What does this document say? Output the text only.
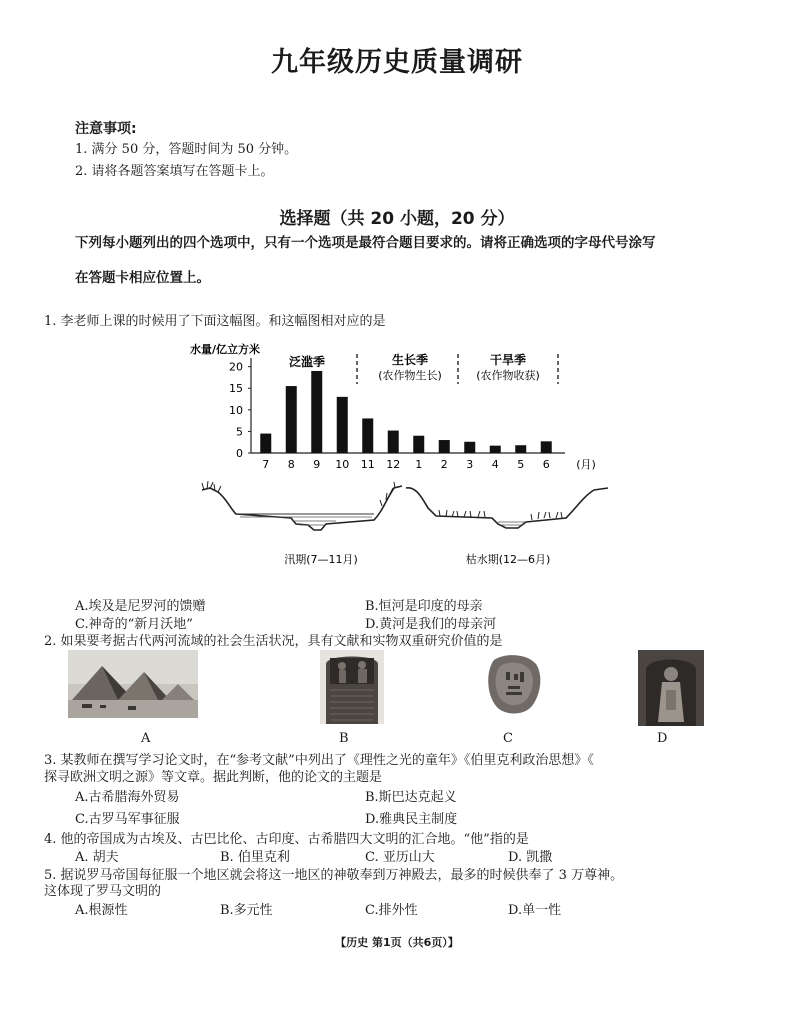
九年级历史质量调研
注意事项:
1. 满分 50 分，答题时间为 50 分钟。
2. 请将各题答案填写在答题卡上。
选择题（共 20 小题，20 分）
下列每小题列出的四个选项中，只有一个选项是最符合题目要求的。请将正确选项的字母代号涂写
在答题卡相应位置上。
1. 李老师上课的时候用了下面这幅图。和这幅图相对应的是
水量/亿立方米
0
5
10
15
20
7 8 9 10 11 12 1 2 3 4 5 6 (月)
泛滥季	生长季
(农作物生长)
干旱季
(农作物收获)
汛期(7—11月)	枯水期(12—6月)
A.埃及是尼罗河的馈赠	B.恒河是印度的母亲
C.神奇的“新月沃地”	D.黄河是我们的母亲河
2. 如果要考据古代两河流域的社会生活状况，具有文献和实物双重研究价值的是
A	B	C	D
3. 某教师在撰写学习论文时，在“参考文献”中列出了《理性之光的童年》《伯里克利政治思想》《
探寻欧洲文明之源》等文章。据此判断，他的论文的主题是
A.古希腊海外贸易	B.斯巴达克起义
C.古罗马军事征服	D.雅典民主制度
4. 他的帝国成为古埃及、古巴比伦、古印度、古希腊四大文明的汇合地。“他”指的是
A. 胡夫	B. 伯里克利	C. 亚历山大	D. 凯撒
5. 据说罗马帝国每征服一个地区就会将这一地区的神敬奉到万神殿去，最多的时候供奉了 3 万尊神。
这体现了罗马文明的
A.根源性	B.多元性	C.排外性	D.单一性
【历史 第1页（共6页）】
